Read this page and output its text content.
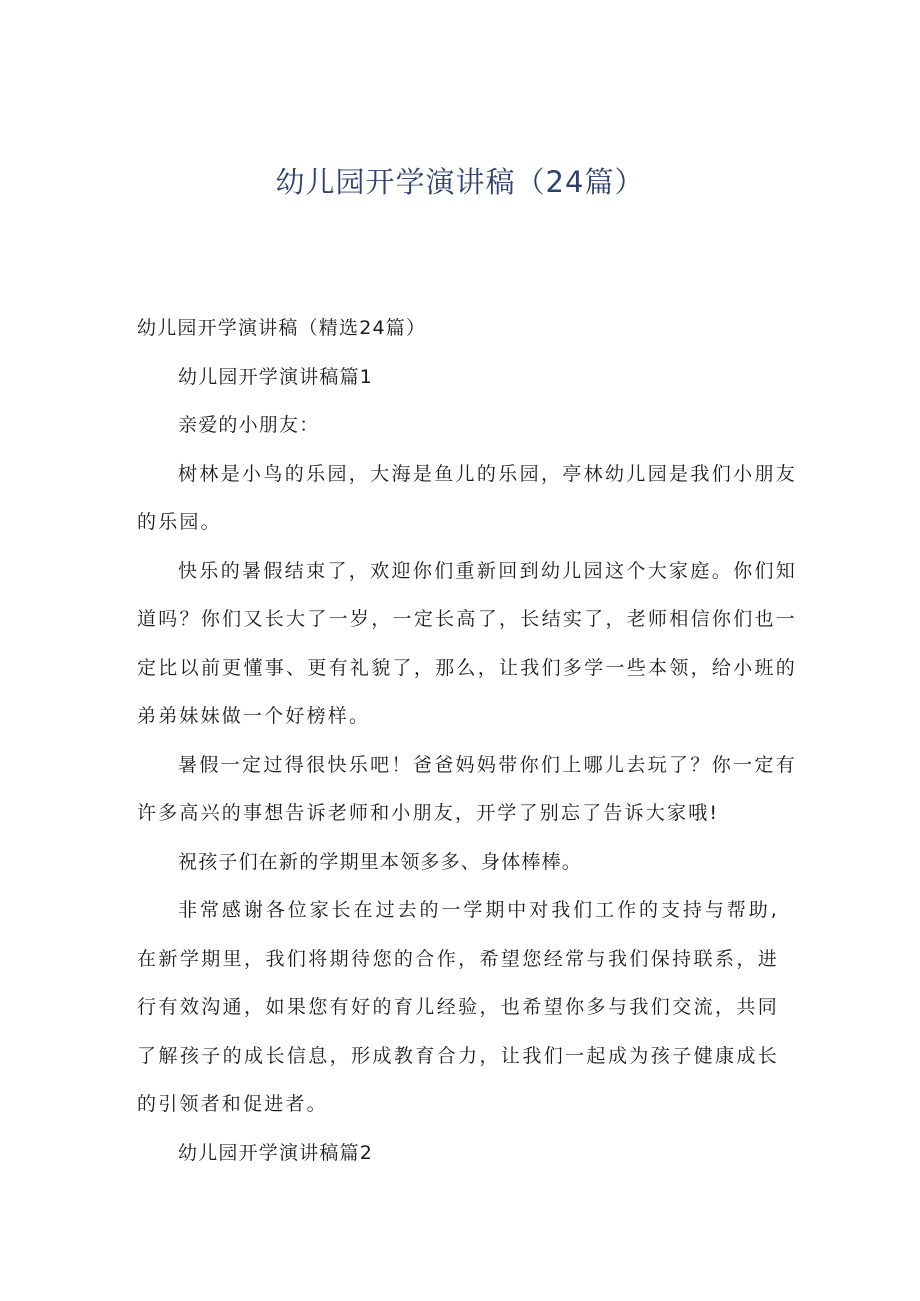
幼儿园开学演讲稿（24篇）

幼儿园开学演讲稿（精选24篇）

幼儿园开学演讲稿篇1

亲爱的小朋友：

树林是小鸟的乐园，大海是鱼儿的乐园，亭林幼儿园是我们小朋友的乐园。

快乐的暑假结束了，欢迎你们重新回到幼儿园这个大家庭。你们知道吗？你们又长大了一岁，一定长高了，长结实了，老师相信你们也一定比以前更懂事、更有礼貌了，那么，让我们多学一些本领，给小班的弟弟妹妹做一个好榜样。

暑假一定过得很快乐吧！爸爸妈妈带你们上哪儿去玩了？你一定有许多高兴的事想告诉老师和小朋友，开学了别忘了告诉大家哦!

祝孩子们在新的学期里本领多多、身体棒棒。

非常感谢各位家长在过去的一学期中对我们工作的支持与帮助,在新学期里，我们将期待您的合作，希望您经常与我们保持联系，进行有效沟通，如果您有好的育儿经验，也希望你多与我们交流，共同了解孩子的成长信息，形成教育合力，让我们一起成为孩子健康成长的引领者和促进者。

幼儿园开学演讲稿篇2
